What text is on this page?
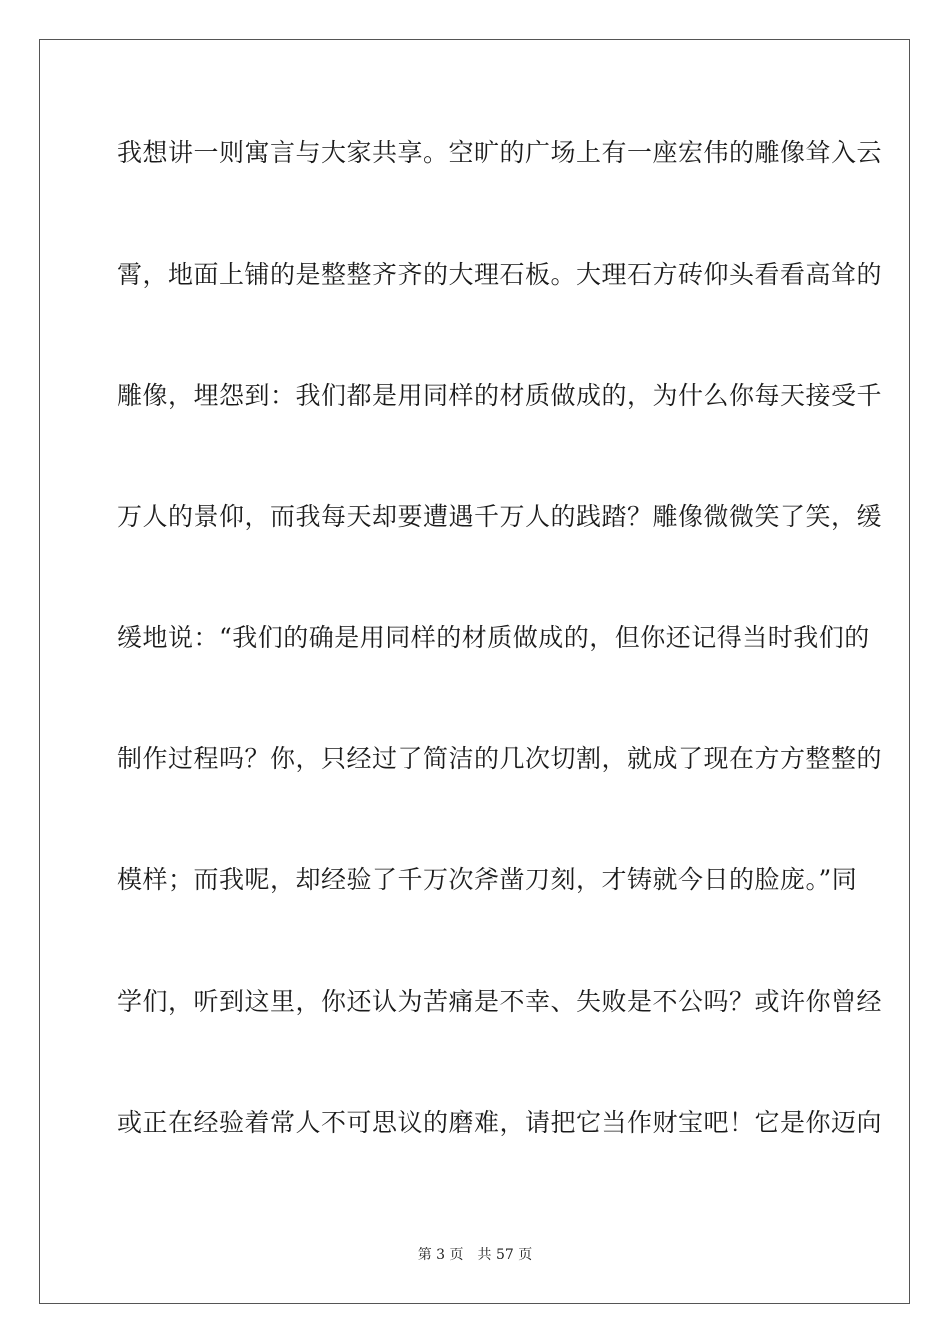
我想讲一则寓言与大家共享。空旷的广场上有一座宏伟的雕像耸入云
霄，地面上铺的是整整齐齐的大理石板。大理石方砖仰头看看高耸的
雕像，埋怨到：我们都是用同样的材质做成的，为什么你每天接受千
万人的景仰，而我每天却要遭遇千万人的践踏？雕像微微笑了笑，缓
缓地说：“我们的确是用同样的材质做成的，但你还记得当时我们的
制作过程吗？你，只经过了简洁的几次切割，就成了现在方方整整的
模样；而我呢，却经验了千万次斧凿刀刻，才铸就今日的脸庞。”同
学们，听到这里，你还认为苦痛是不幸、失败是不公吗？或许你曾经
或正在经验着常人不可思议的磨难，请把它当作财宝吧！它是你迈向
第 3 页 共 57 页
